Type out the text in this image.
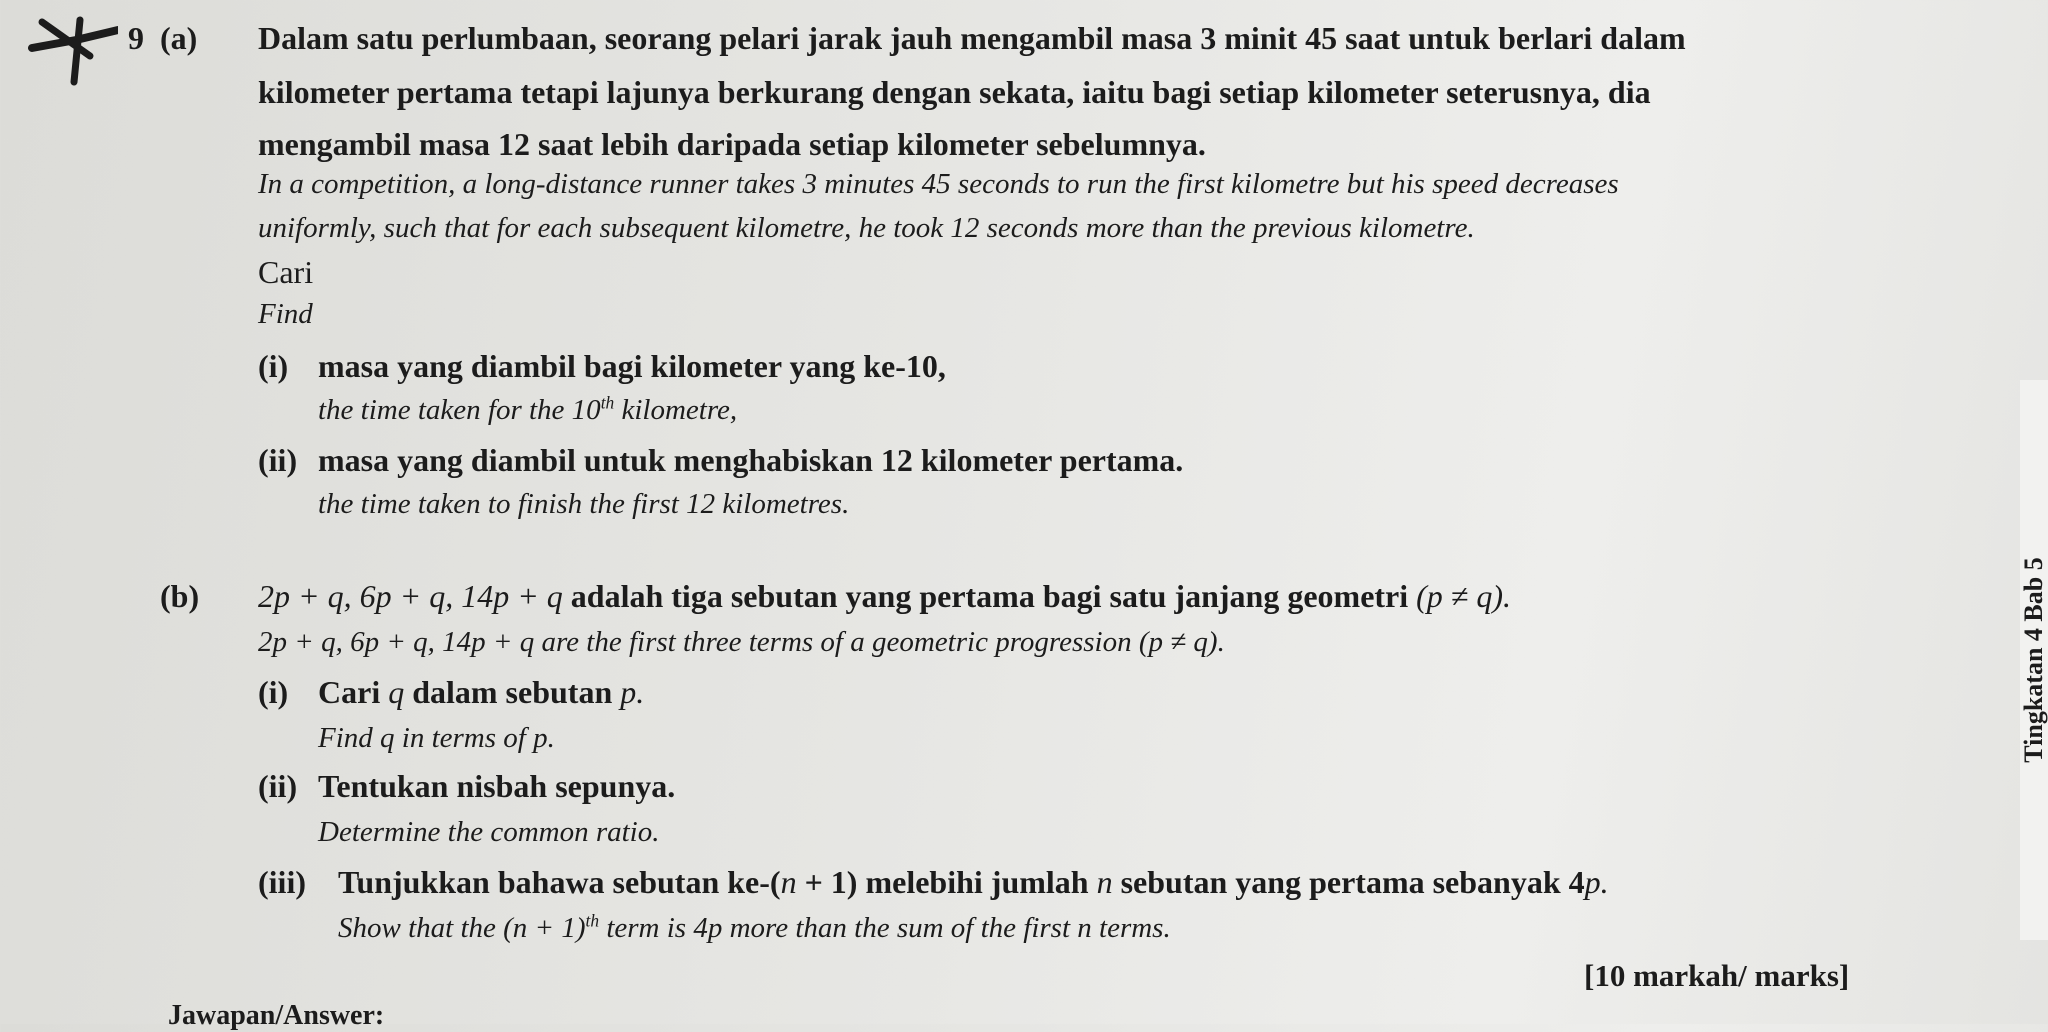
9 (a) Dalam satu perlumbaan, seorang pelari jarak jauh mengambil masa 3 minit 45 saat untuk berlari dalam
kilometer pertama tetapi lajunya berkurang dengan sekata, iaitu bagi setiap kilometer seterusnya, dia
mengambil masa 12 saat lebih daripada setiap kilometer sebelumnya.
In a competition, a long-distance runner takes 3 minutes 45 seconds to run the first kilometre but his speed decreases
uniformly, such that for each subsequent kilometre, he took 12 seconds more than the previous kilometre.
Cari
Find
(i) masa yang diambil bagi kilometer yang ke-10,
the time taken for the 10th kilometre,
(ii) masa yang diambil untuk menghabiskan 12 kilometer pertama.
the time taken to finish the first 12 kilometres.
(b) 2p + q, 6p + q, 14p + q adalah tiga sebutan yang pertama bagi satu janjang geometri (p ≠ q).
2p + q, 6p + q, 14p + q are the first three terms of a geometric progression (p ≠ q).
(i) Cari q dalam sebutan p.
Find q in terms of p.
(ii) Tentukan nisbah sepunya.
Determine the common ratio.
(iii) Tunjukkan bahawa sebutan ke-(n + 1) melebihi jumlah n sebutan yang pertama sebanyak 4p.
Show that the $(n + 1)^{th}$ term is 4p more than the sum of the first n terms.
[10 markah/ marks]
Jawapan/Answer:
Tingkatan 4 Bab 5
